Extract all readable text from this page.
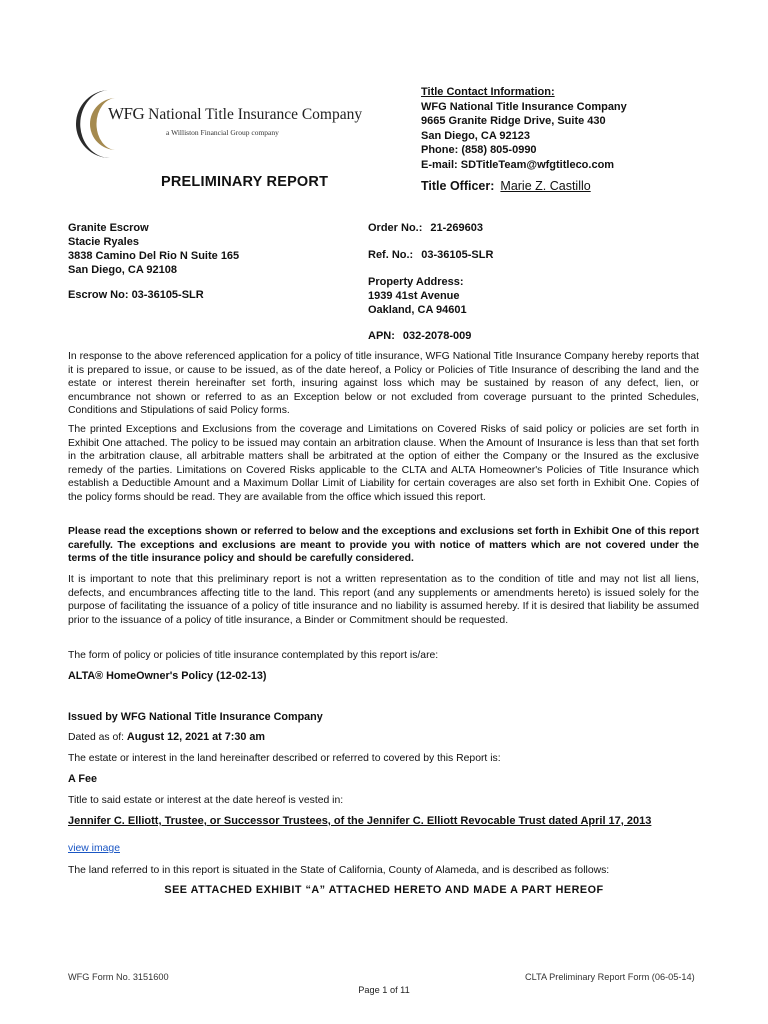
WFG National Title Insurance Company
a Williston Financial Group company
Title Contact Information:
WFG National Title Insurance Company
9665 Granite Ridge Drive, Suite 430
San Diego, CA 92123
Phone: (858) 805-0990
E-mail: SDTitleTeam@wfgtitleco.com
PRELIMINARY REPORT	Title Officer: Marie Z. Castillo
Granite Escrow
Stacie Ryales
3838 Camino Del Rio N Suite 165
San Diego, CA 92108
Escrow No: 03-36105-SLR
Order No.: 21-269603
Ref. No.: 03-36105-SLR
Property Address:
1939 41st Avenue
Oakland, CA 94601
APN: 032-2078-009
In response to the above referenced application for a policy of title insurance, WFG National Title Insurance Company hereby reports that it is prepared to issue, or cause to be issued, as of the date hereof, a Policy or Policies of Title Insurance of describing the land and the estate or interest therein hereinafter set forth, insuring against loss which may be sustained by reason of any defect, lien, or encumbrance not shown or referred to as an Exception below or not excluded from coverage pursuant to the printed Schedules, Conditions and Stipulations of said Policy forms.
The printed Exceptions and Exclusions from the coverage and Limitations on Covered Risks of said policy or policies are set forth in Exhibit One attached. The policy to be issued may contain an arbitration clause. When the Amount of Insurance is less than that set forth in the arbitration clause, all arbitrable matters shall be arbitrated at the option of either the Company or the Insured as the exclusive remedy of the parties. Limitations on Covered Risks applicable to the CLTA and ALTA Homeowner's Policies of Title Insurance which establish a Deductible Amount and a Maximum Dollar Limit of Liability for certain coverages are also set forth in Exhibit One. Copies of the policy forms should be read. They are available from the office which issued this report.
Please read the exceptions shown or referred to below and the exceptions and exclusions set forth in Exhibit One of this report carefully. The exceptions and exclusions are meant to provide you with notice of matters which are not covered under the terms of the title insurance policy and should be carefully considered.
It is important to note that this preliminary report is not a written representation as to the condition of title and may not list all liens, defects, and encumbrances affecting title to the land. This report (and any supplements or amendments hereto) is issued solely for the purpose of facilitating the issuance of a policy of title insurance and no liability is assumed hereby. If it is desired that liability be assumed prior to the issuance of a policy of title insurance, a Binder or Commitment should be requested.
The form of policy or policies of title insurance contemplated by this report is/are:
ALTA® HomeOwner's Policy (12-02-13)
Issued by WFG National Title Insurance Company
Dated as of: August 12, 2021 at 7:30 am
The estate or interest in the land hereinafter described or referred to covered by this Report is:
A Fee
Title to said estate or interest at the date hereof is vested in:
Jennifer C. Elliott, Trustee, or Successor Trustees, of the Jennifer C. Elliott Revocable Trust dated April 17, 2013
view image
The land referred to in this report is situated in the State of California, County of Alameda, and is described as follows:
SEE ATTACHED EXHIBIT “A” ATTACHED HERETO AND MADE A PART HEREOF
WFG Form No. 3151600	CLTA Preliminary Report Form (06-05-14)
Page 1 of 11
